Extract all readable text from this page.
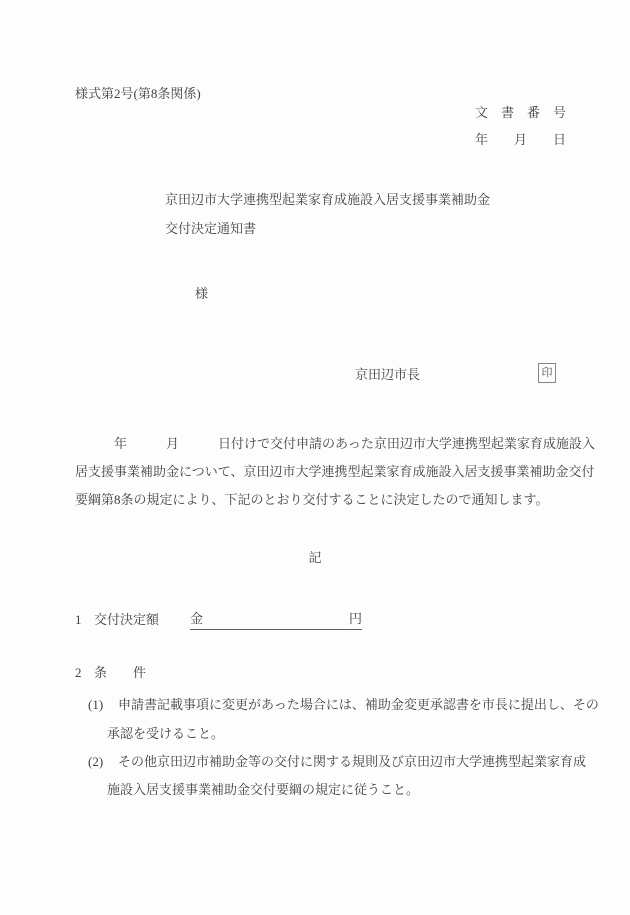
様式第2号(第8条関係)
文　書　番　号
年　　月　　日
京田辺市大学連携型起業家育成施設入居支援事業補助金
交付決定通知書
様
京田辺市長	印
　　　年　　　月　　　日付けで交付申請のあった京田辺市大学連携型起業家育成施設入
居支援事業補助金について、京田辺市大学連携型起業家育成施設入居支援事業補助金交付
要綱第8条の規定により、下記のとおり交付することに決定したので通知します。
記
1 交付決定額 金	円
2 条　　件
(1) 申請書記載事項に変更があった場合には、補助金変更承認書を市長に提出し、その
承認を受けること。
(2) その他京田辺市補助金等の交付に関する規則及び京田辺市大学連携型起業家育成
施設入居支援事業補助金交付要綱の規定に従うこと。
